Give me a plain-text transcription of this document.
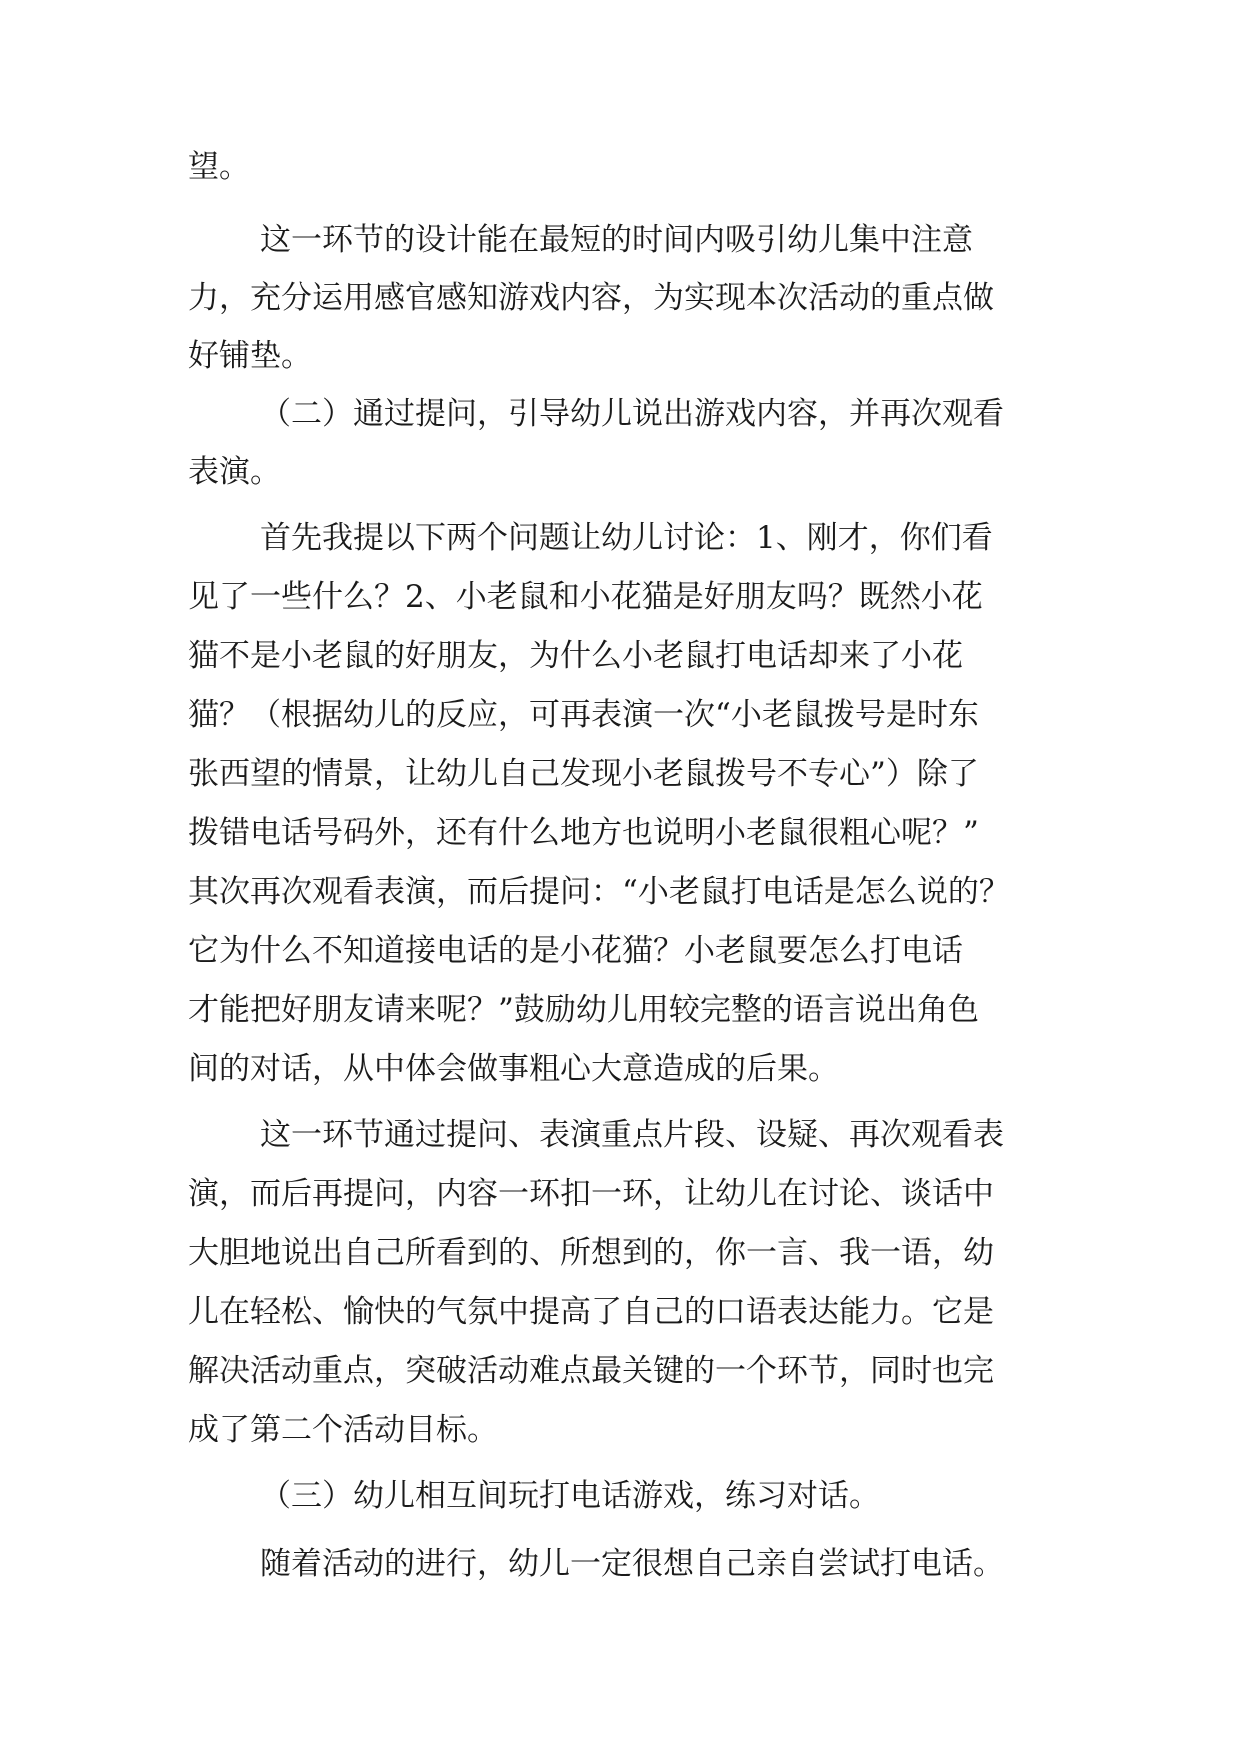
望。
这一环节的设计能在最短的时间内吸引幼儿集中注意
力，充分运用感官感知游戏内容，为实现本次活动的重点做
好铺垫。
（二）通过提问，引导幼儿说出游戏内容，并再次观看
表演。
首先我提以下两个问题让幼儿讨论：1、刚才，你们看
见了一些什么？2、小老鼠和小花猫是好朋友吗？既然小花
猫不是小老鼠的好朋友，为什么小老鼠打电话却来了小花
猫？（根据幼儿的反应，可再表演一次“小老鼠拨号是时东
张西望的情景，让幼儿自己发现小老鼠拨号不专心”）除了
拨错电话号码外，还有什么地方也说明小老鼠很粗心呢？”
其次再次观看表演，而后提问：“小老鼠打电话是怎么说的？
它为什么不知道接电话的是小花猫？小老鼠要怎么打电话
才能把好朋友请来呢？”鼓励幼儿用较完整的语言说出角色
间的对话，从中体会做事粗心大意造成的后果。
这一环节通过提问、表演重点片段、设疑、再次观看表
演，而后再提问，内容一环扣一环，让幼儿在讨论、谈话中
大胆地说出自己所看到的、所想到的，你一言、我一语，幼
儿在轻松、愉快的气氛中提高了自己的口语表达能力。它是
解决活动重点，突破活动难点最关键的一个环节，同时也完
成了第二个活动目标。
（三）幼儿相互间玩打电话游戏，练习对话。
随着活动的进行，幼儿一定很想自己亲自尝试打电话。
